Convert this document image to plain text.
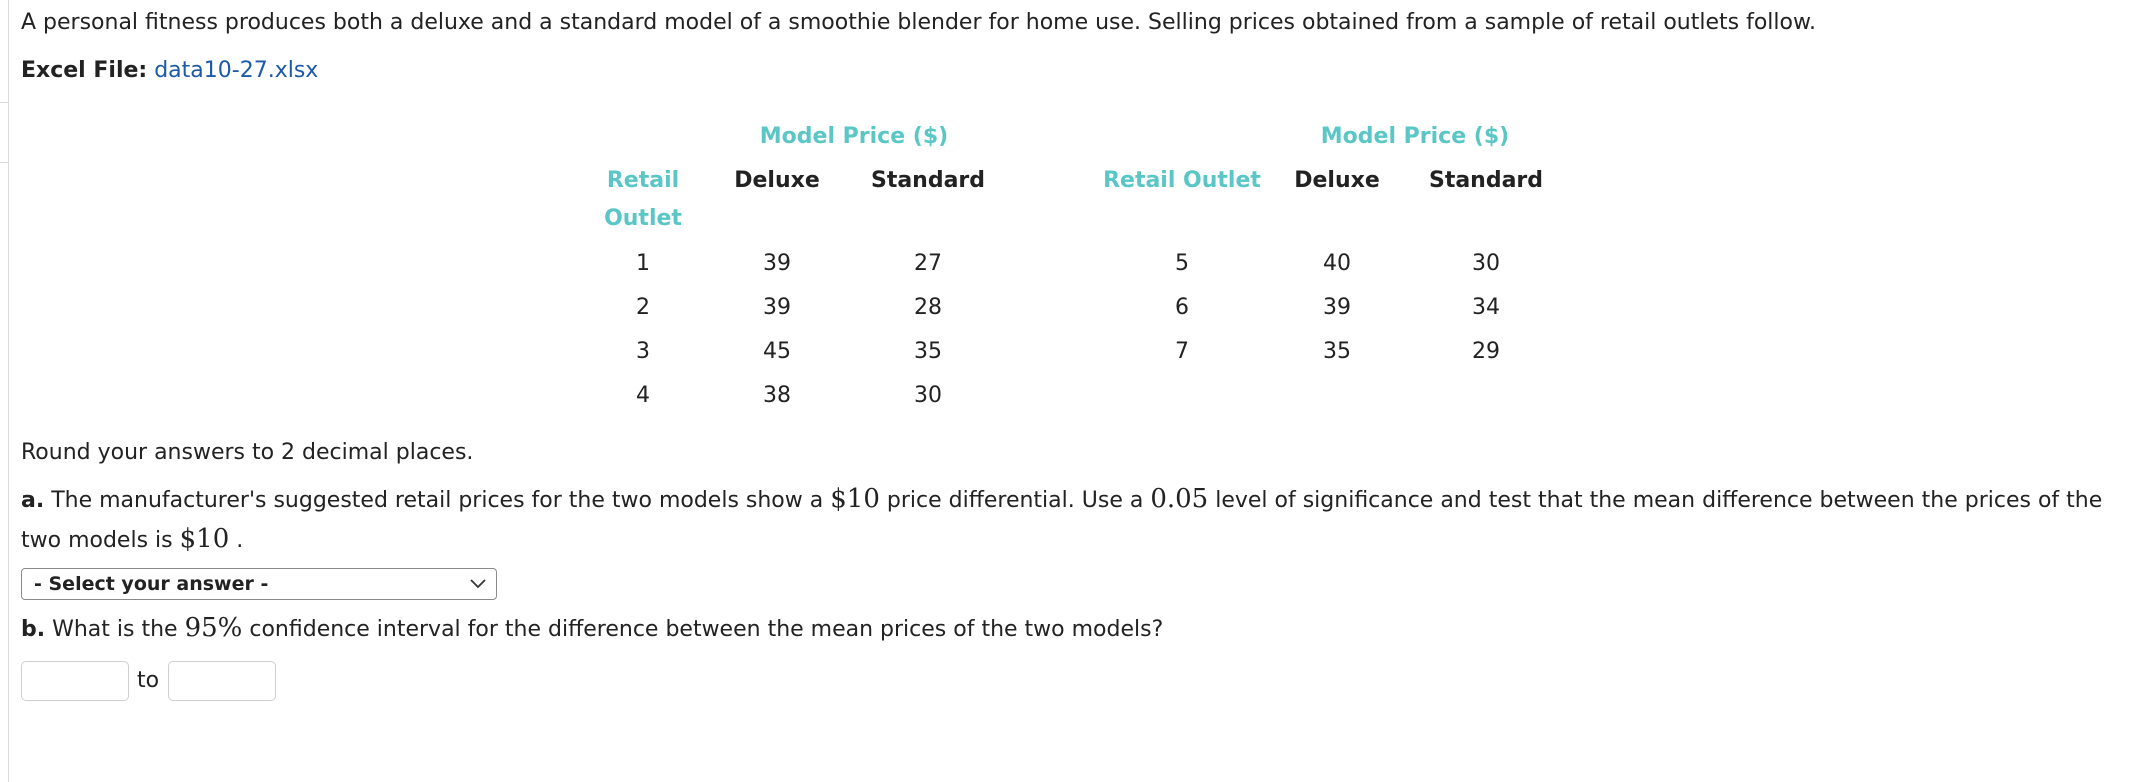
A personal fitness produces both a deluxe and a standard model of a smoothie blender for home use. Selling prices obtained from a sample of retail outlets follow.
Excel File: data10-27.xlsx
Model Price ($)	Model Price ($)
Retail
Outlet
Deluxe	Standard	Retail Outlet	Deluxe	Standard
1	39	27
2	39	28
3	45	35
4	38	30
5	40	30
6	39	34
7	35	29
Round your answers to 2 decimal places.
a. The manufacturer's suggested retail prices for the two models show a $10 price differential. Use a 0.05 level of significance and test that the mean difference between the prices of the two models is $10 .
- Select your answer -
b. What is the 95% confidence interval for the difference between the mean prices of the two models?
to
